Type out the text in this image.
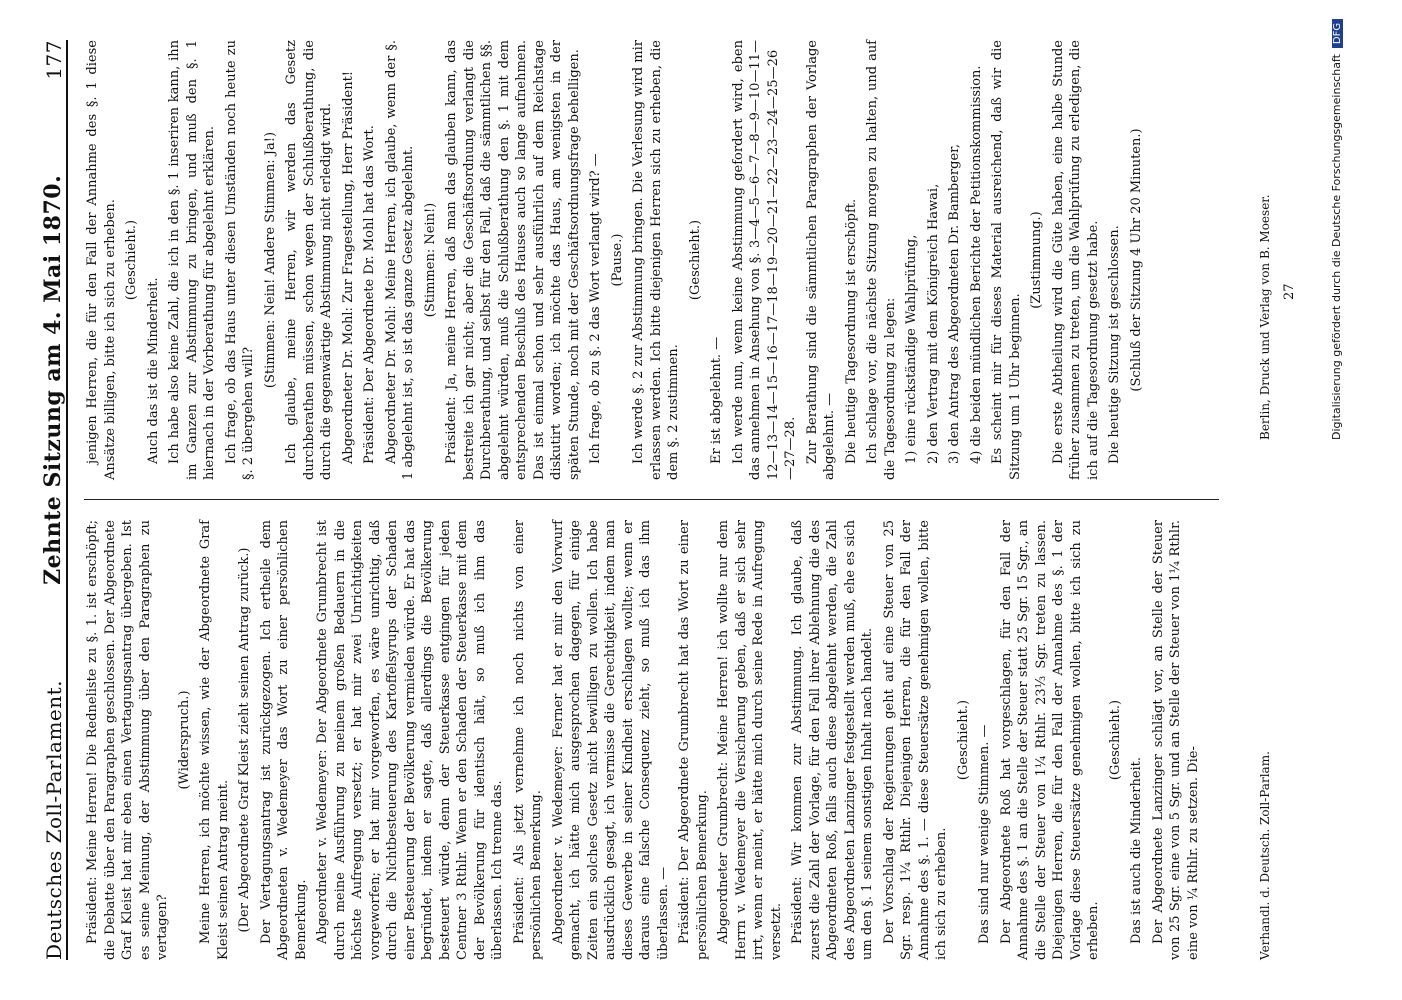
Deutsches Zoll-Parlament.
Zehnte Sitzung am 4. Mai 1870.
177

Präsident: Meine Herren! Die Redneliste zu §. 1. ist erschöpft; die Debatte über den Paragraphen geschlossen. Der Abgeordnete Graf Kleist hat mir eben einen Vertagungsantrag übergeben. Ist es seine Meinung, der Abstimmung über den Paragraphen zu vertagen?

(Widerspruch.) Meine Herren, ich möchte wissen, wie der Abgeordnete Graf Kleist seinen Antrag meint. (Der Abgeordnete Graf Kleist zieht seinen Antrag zurück.) Der Vertagungsantrag ist zurückgezogen. Ich ertheile dem Abgeordneten v. Wedemeyer das Wort zu einer persönlichen Bemerkung. Abgeordneter v. Wedemeyer: Der Abgeordnete Grumbrecht ist durch meine Ausführung zu meinem großen Bedauern in die höchste Aufregung versetzt; er hat mir zwei Unrichtigkeiten vorgeworfen; er hat mir vorgeworfen, es wäre unrichtig, daß durch die Nichtbesteuerung des Kartoffelsyrups der Schaden einer Besteuerung der Bevölkerung vermieden würde. Er hat das begründet, indem er sagte, daß allerdings die Bevölkerung besteuert würde, denn der Steuerkasse entgingen für jeden Centner 3 Rthlr. Wenn er den Schaden der Steuerkasse mit dem der Bevölkerung für identisch hält, so muß ich ihm das überlassen. Ich trenne das. Präsident: Als jetzt vernehme ich noch nichts von einer persönlichen Bemerkung. Abgeordneter v. Wedemeyer: Ferner hat er mir den Vorwurf gemacht, ich hätte mich ausgesprochen dagegen, für einige Zeiten ein solches Gesetz nicht bewilligen zu wollen. Ich habe ausdrücklich gesagt, ich vermisse die Gerechtigkeit, indem man dieses Gewerbe in seiner Kindheit erschlagen wollte; wenn er daraus eine falsche Consequenz zieht, so muß ich das ihm überlassen. — Präsident: Der Abgeordnete Grumbrecht hat das Wort zu einer persönlichen Bemerkung. Abgeordneter Grumbrecht: Meine Herren! ich wollte nur dem Herrn v. Wedemeyer die Versicherung geben, daß er sich sehr irrt, wenn er meint, er hätte mich durch seine Rede in Aufregung versetzt. Präsident: Wir kommen zur Abstimmung. Ich glaube, daß zuerst die Zahl der Vorlage, für den Fall ihrer Ablehnung die des Abgeordneten Roß, falls auch diese abgelehnt werden, die Zahl des Abgeordneten Lanzinger festgestellt werden muß, ehe es sich um den §. 1 seinem sonstigen Inhalt nach handelt. Der Vorschlag der Regierungen geht auf eine Steuer von 25 Sgr. resp. 1¼ Rthlr. Diejenigen Herren, die für den Fall der Annahme des §. 1. — diese Steuersätze genehmigen wollen, bitte ich sich zu erheben.

(Geschieht.) Das sind nur wenige Stimmen. — Der Abgeordnete Roß hat vorgeschlagen, für den Fall der Annahme des §. 1 an die Stelle der Steuer statt 25 Sgr. 15 Sgr., an die Stelle der Steuer von 1¼ Rthlr. 23⅓ Sgr. treten zu lassen. Diejenigen Herren, die für den Fall der Annahme des §. 1 der Vorlage diese Steuersätze genehmigen wollen, bitte ich sich zu erheben.

(Geschieht.)

Das ist auch die Minderheit. Der Abgeordnete Lanzinger schlägt vor, an Stelle der Steuer von 25 Sgr. eine von 5 Sgr. und an Stelle der Steuer von 1¼ Rthlr. eine von ¼ Rthlr. zu setzen. Die-

jenigen Herren, die für den Fall der Annahme des §. 1 diese Ansätze billigen, bitte ich sich zu erheben. (Geschieht.)

Auch das ist die Minderheit. Ich habe also keine Zahl, die ich in den §. 1 inseriren kann, ihn im Ganzen zur Abstimmung zu bringen, und muß den §. 1 hiernach in der Vorberathung für abgelehnt erklären. Ich frage, ob das Haus unter diesen Umständen noch heute zu §. 2 übergehen will?

(Stimmen: Nein! Andere Stimmen: Ja!) Ich glaube, meine Herren, wir werden das Gesetz durchberathen müssen, schon wegen der Schlußberathung, die durch die gegenwärtige Abstimmung nicht erledigt wird. Abgeordneter Dr. Mohl: Zur Fragestellung, Herr Präsident! Präsident: Der Abgeordnete Dr. Mohl hat das Wort. Abgeordneter Dr. Mohl: Meine Herren, ich glaube, wenn der §. 1 abgelehnt ist, so ist das ganze Gesetz abgelehnt. (Stimmen: Nein!) Präsident: Ja, meine Herren, daß man das glauben kann, das bestreite ich gar nicht; aber die Geschäftsordnung verlangt die Durchberathung, und selbst für den Fall, daß die sämmtlichen §§. abgelehnt würden, muß die Schlußberathung den §. 1 mit dem entsprechenden Beschluß des Hauses auch so lange aufnehmen. Das ist einmal schon und sehr ausführlich auf dem Reichstage diskutirt worden; ich möchte das Haus, am wenigsten in der späten Stunde, noch mit der Geschäftsordnungsfrage behelligen. Ich frage, ob zu §. 2 das Wort verlangt wird? — (Pause.) Ich werde §. 2 zur Abstimmung bringen. Die Verlesung wird mir erlassen werden. Ich bitte diejenigen Herren sich zu erheben, die dem §. 2 zustimmen.

(Geschieht.)

Er ist abgelehnt. — Ich werde nun, wenn keine Abstimmung gefordert wird, eben das annehmen in Ansehung von §. 3—4—5—6—7—8—9—10—11—12—13—14—15—16—17—18—19—20—21—22—23—24—25—26—27—28. Zur Berathung sind die sämmtlichen Paragraphen der Vorlage abgelehnt. — Die heutige Tagesordnung ist erschöpft. Ich schlage vor, die nächste Sitzung morgen zu halten, und auf die Tagesordnung zu legen: 1) eine rückständige Wahlprüfung, 2) den Vertrag mit dem Königreich Hawai, 3) den Antrag des Abgeordneten Dr. Bamberger, 4) die beiden mündlichen Berichte der Petitionskommission. Es scheint mir für dieses Material ausreichend, daß wir die Sitzung um 1 Uhr beginnen.

(Zustimmung.) Die erste Abtheilung wird die Güte haben, eine halbe Stunde früher zusammen zu treten, um die Wahlprüfung zu erledigen, die ich auf die Tagesordnung gesetzt habe. Die heutige Sitzung ist geschlossen. (Schluß der Sitzung 4 Uhr 20 Minuten.)

Verhandl. d. Deutsch. Zoll-Parlam.
Berlin, Druck und Verlag von B. Moeser. 27	Digitalisierung gefördert durch die Deutsche ForschungsgemeinschaftDFG
